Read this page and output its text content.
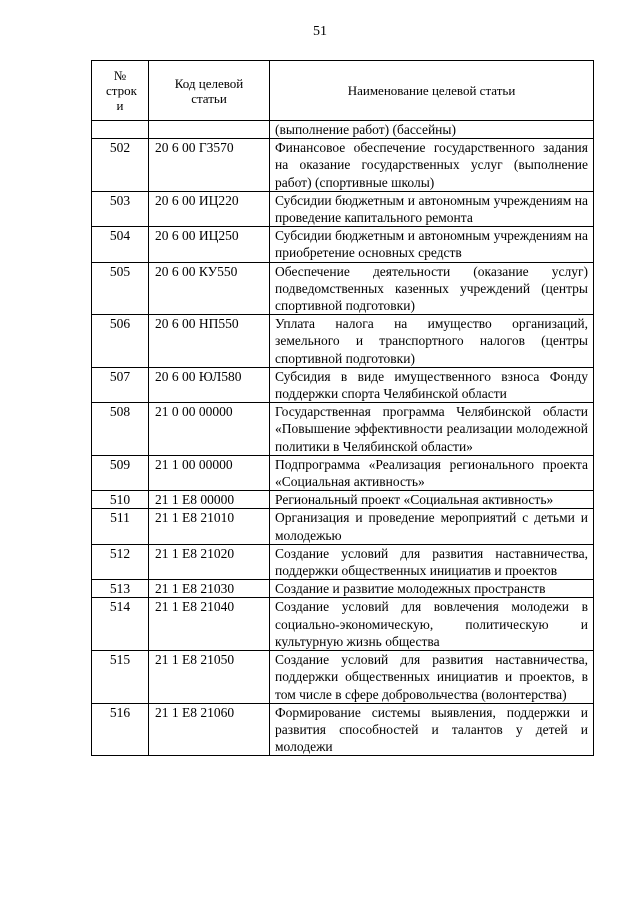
51
№ строк и	Код целевой статьи	Наименование целевой статьи
		(выполнение работ) (бассейны)
502	20 6 00 Г3570	Финансовое обеспечение государственного задания на оказание государственных услуг (выполнение работ) (спортивные школы)
503	20 6 00 ИЦ220	Субсидии бюджетным и автономным учреждениям на проведение капитального ремонта
504	20 6 00 ИЦ250	Субсидии бюджетным и автономным учреждениям на приобретение основных средств
505	20 6 00 КУ550	Обеспечение деятельности (оказание услуг) подведомственных казенных учреждений (центры спортивной подготовки)
506	20 6 00 НП550	Уплата налога на имущество организаций, земельного и транспортного налогов (центры спортивной подготовки)
507	20 6 00 ЮЛ580	Субсидия в виде имущественного взноса Фонду поддержки спорта Челябинской области
508	21 0 00 00000	Государственная программа Челябинской области «Повышение эффективности реализации молодежной политики в Челябинской области»
509	21 1 00 00000	Подпрограмма «Реализация регионального проекта «Социальная активность»
510	21 1 Е8 00000	Региональный проект «Социальная активность»
511	21 1 Е8 21010	Организация и проведение мероприятий с детьми и молодежью
512	21 1 Е8 21020	Создание условий для развития наставничества, поддержки общественных инициатив и проектов
513	21 1 Е8 21030	Создание и развитие молодежных пространств
514	21 1 Е8 21040	Создание условий для вовлечения молодежи в социально-экономическую, политическую и культурную жизнь общества
515	21 1 Е8 21050	Создание условий для развития наставничества, поддержки общественных инициатив и проектов, в том числе в сфере добровольчества (волонтерства)
516	21 1 Е8 21060	Формирование системы выявления, поддержки и развития способностей и талантов у детей и молодежи
